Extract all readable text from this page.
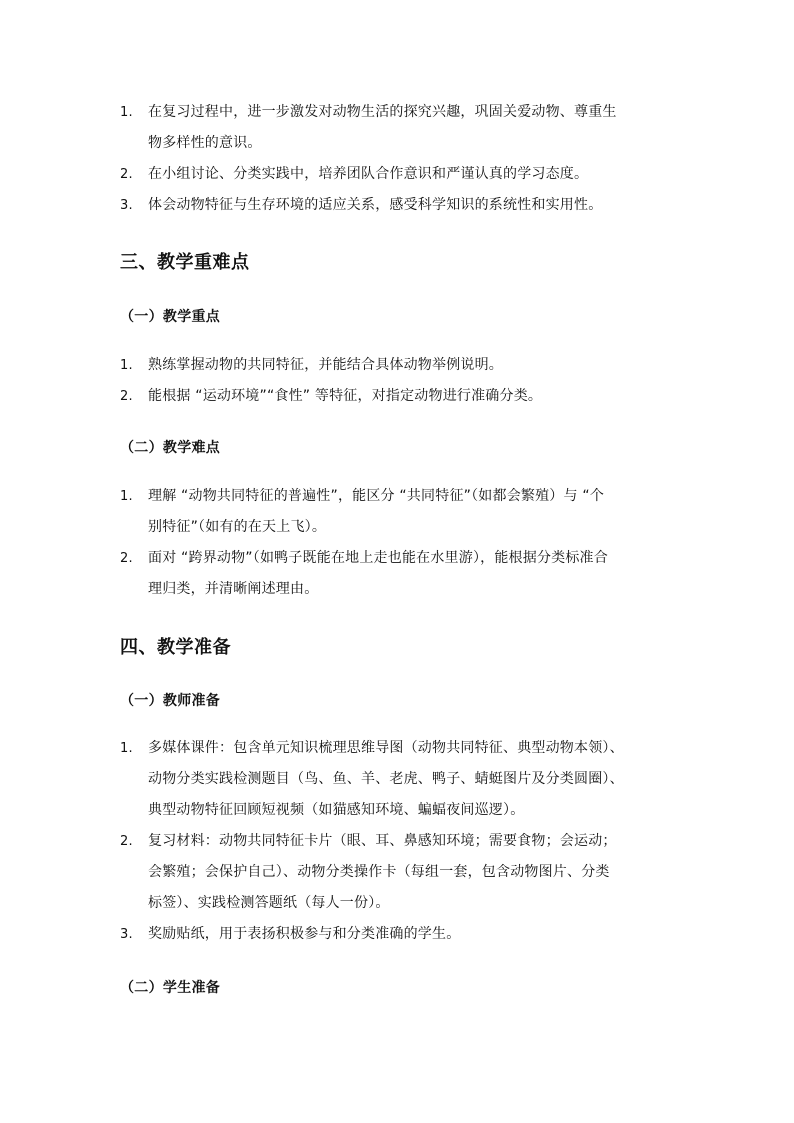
1. 在复习过程中，进一步激发对动物生活的探究兴趣，巩固关爱动物、尊重生
物多样性的意识。
2. 在小组讨论、分类实践中，培养团队合作意识和严谨认真的学习态度。
3. 体会动物特征与生存环境的适应关系，感受科学知识的系统性和实用性。
三、教学重难点
（一）教学重点
1. 熟练掌握动物的共同特征，并能结合具体动物举例说明。
2. 能根据 “运动环境”“食性” 等特征，对指定动物进行准确分类。
（二）教学难点
1. 理解 “动物共同特征的普遍性”，能区分 “共同特征”（如都会繁殖）与 “个
别特征”（如有的在天上飞）。
2. 面对 “跨界动物”（如鸭子既能在地上走也能在水里游），能根据分类标准合
理归类，并清晰阐述理由。
四、教学准备
（一）教师准备
1. 多媒体课件：包含单元知识梳理思维导图（动物共同特征、典型动物本领）、
动物分类实践检测题目（鸟、鱼、羊、老虎、鸭子、蜻蜓图片及分类圆圈）、
典型动物特征回顾短视频（如猫感知环境、蝙蝠夜间巡逻）。
2. 复习材料：动物共同特征卡片（眼、耳、鼻感知环境；需要食物；会运动；
会繁殖；会保护自己）、动物分类操作卡（每组一套，包含动物图片、分类
标签）、实践检测答题纸（每人一份）。
3. 奖励贴纸，用于表扬积极参与和分类准确的学生。
（二）学生准备
